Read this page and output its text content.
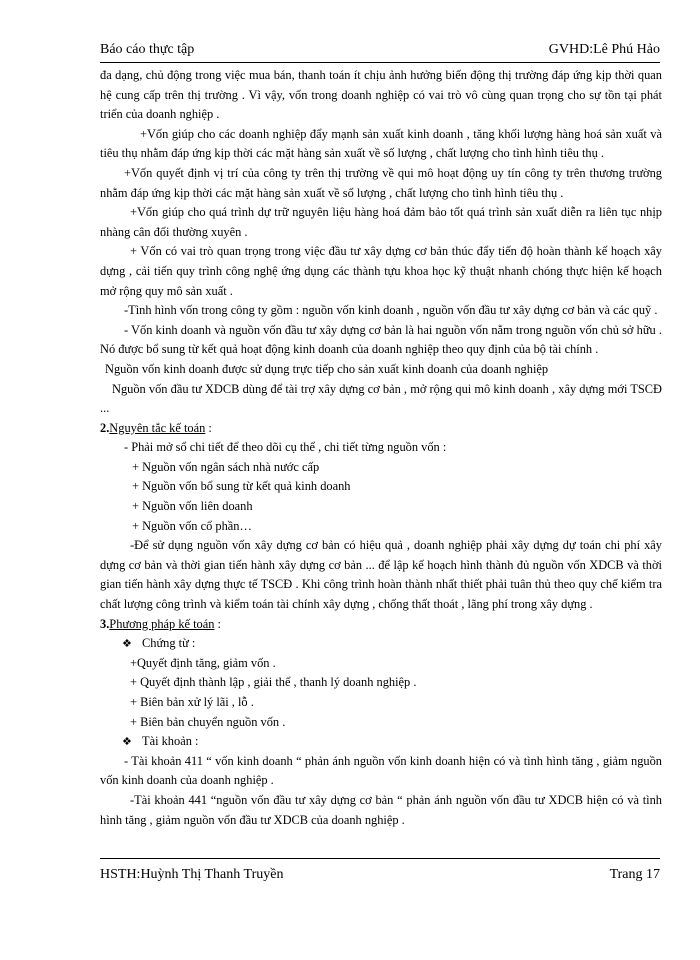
Báo cáo thực tập	GVHD:Lê Phú Hảo

đa dạng, chủ động trong việc mua bán, thanh toán ít chịu ảnh hưởng biến động thị trường đáp ứng kịp thời quan hệ cung cấp trên thị trường . Vì vậy, vốn trong doanh nghiệp có vai trò vô cùng quan trọng cho sự tồn tại phát triển của doanh nghiệp .

+Vốn giúp cho các doanh nghiệp đẩy mạnh sản xuất kinh doanh , tăng khối lượng hàng hoá sản xuất và tiêu thụ nhằm đáp ứng kịp thời các mặt hàng sản xuất về số lượng , chất lượng cho tình hình tiêu thụ .

+Vốn quyết định vị trí của công ty trên thị trường về qui mô hoạt động uy tín công ty trên thương trường nhằm đáp ứng kịp thời các mặt hàng sản xuất về số lượng , chất lượng cho tình hình tiêu thụ .

+Vốn giúp cho quá trình dự trữ nguyên liệu hàng hoá đảm bảo tốt quá trình sản xuất diễn ra liên tục nhịp nhàng cân đối thường xuyên .

+ Vốn có vai trò quan trọng trong việc đầu tư xây dựng cơ bản thúc đẩy tiến độ hoàn thành kế hoạch xây dựng , cải tiến quy trình công nghệ ứng dụng các thành tựu khoa học kỹ thuật nhanh chóng thực hiện kế hoạch mở rộng quy mô sản xuất .

-Tình hình vốn trong công ty gồm : nguồn vốn kinh doanh , nguồn vốn đầu tư xây dựng cơ bản và các quỹ .

- Vốn kinh doanh và nguồn vốn đầu tư xây dựng cơ bản là hai nguồn vốn nằm trong nguồn vốn chủ sở hữu . Nó được bổ sung từ kết quả hoạt động kinh doanh của doanh nghiệp theo quy định của bộ tài chính .

Nguồn vốn kinh doanh được sử dụng trực tiếp cho sản xuất kinh doanh của doanh nghiệp

Nguồn vốn đầu tư XDCB dùng để tài trợ xây dựng cơ bản , mở rộng qui mô kinh doanh , xây dựng mới TSCĐ ...

2.Nguyên tắc kế toán :

- Phải mở sổ chi tiết để theo dõi cụ thể , chi tiết từng nguồn vốn :

+ Nguồn vốn ngân sách nhà nước cấp

+ Nguồn vốn bổ sung từ kết quả kinh doanh

+ Nguồn vốn liên doanh

+ Nguồn vốn cổ phần…

-Để sử dụng nguồn vốn xây dựng cơ bản có hiệu quả , doanh nghiệp phải xây dựng dự toán chi phí xây dựng cơ bản và thời gian tiến hành xây dựng cơ bản ... để lập kế hoạch hình thành đủ nguồn vốn XDCB và thời gian tiến hành xây dựng thực tế TSCĐ . Khi công trình hoàn thành nhất thiết phải tuân thủ theo quy chế kiểm tra chất lượng công trình và kiểm toán tài chính xây dựng , chống thất thoát , lãng phí trong xây dựng .

3.Phương pháp kế toán :

❖ Chứng từ :

+Quyết định tăng, giảm vốn .

+ Quyết định thành lập , giải thể , thanh lý doanh nghiệp .

+ Biên bản xử lý lãi , lỗ .

+ Biên bản chuyển nguồn vốn .

❖ Tài khoản :

- Tài khoản 411 “ vốn kinh doanh “ phản ánh nguồn vốn kinh doanh hiện có và tình hình tăng , giảm nguồn vốn kinh doanh của doanh nghiệp .

-Tài khoản 441 “nguồn vốn đầu tư xây dựng cơ bản “ phản ánh nguồn vốn đầu tư XDCB hiện có và tình hình tăng , giảm nguồn vốn đầu tư XDCB của doanh nghiệp .

HSTH:Huỳnh Thị Thanh Truyền	Trang 17
